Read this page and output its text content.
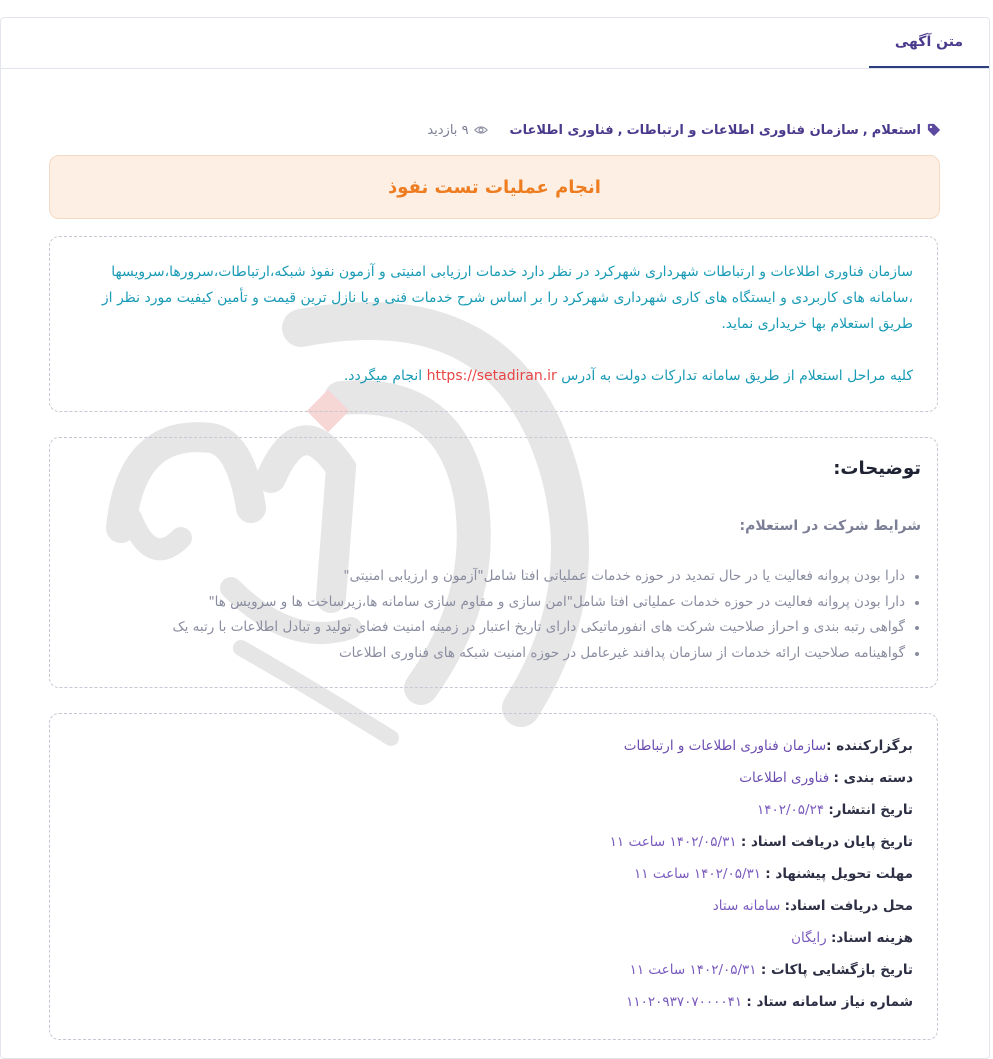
متن آگهی
استعلام
,
سازمان فناوری اطلاعات و ارتباطات
,
فناوری اطلاعات
۹ بازدید
انجام عملیات تست نفوذ

سازمان فناوری اطلاعات و ارتباطات شهرداری شهرکرد در نظر دارد خدمات ارزیابی امنیتی و آزمون نفوذ شبکه،ارتباطات،سرورها،سرویسها ،سامانه های کاربردی و ایستگاه های کاری شهرداری شهرکرد را بر اساس شرح خدمات فنی و با نازل ترین قیمت و تأمین کیفیت مورد نظر از طریق استعلام بها خریداری نماید.

کلیه مراحل استعلام از طریق سامانه تدارکات دولت به آدرس https://setadiran.ir انجام میگردد.

توضیحات:
شرایط شرکت در استعلام:
دارا بودن پروانه فعالیت یا در حال تمدید در حوزه خدمات عملیاتی افتا شامل"آزمون و ارزیابی امنیتی"
دارا بودن پروانه فعالیت در حوزه خدمات عملیاتی افتا شامل"امن سازی و مقاوم سازی سامانه ها،زیرساخت ها و سرویس ها"
گواهی رتبه بندی و احراز صلاحیت شرکت های انفورماتیکی دارای تاریخ اعتبار در زمینه امنیت فضای تولید و تبادل اطلاعات با رتبه یک
گواهینامه صلاحیت ارائه خدمات از سازمان پدافند غیرعامل در حوزه امنیت شبکه های فناوری اطلاعات
برگزارکننده :سازمان فناوری اطلاعات و ارتباطات
دسته بندی : فناوری اطلاعات
تاریخ انتشار: ۱۴۰۲/۰۵/۲۴
تاریخ پایان دریافت اسناد : ۱۴۰۲/۰۵/۳۱ ساعت ۱۱
مهلت تحویل پیشنهاد : ۱۴۰۲/۰۵/۳۱ ساعت ۱۱
محل دریافت اسناد: سامانه ستاد
هزینه اسناد: رایگان
تاریخ بازگشایی پاکات : ۱۴۰۲/۰۵/۳۱ ساعت ۱۱
شماره نیاز سامانه ستاد : ۱۱۰۲۰۹۳۷۰۷۰۰۰۰۴۱
